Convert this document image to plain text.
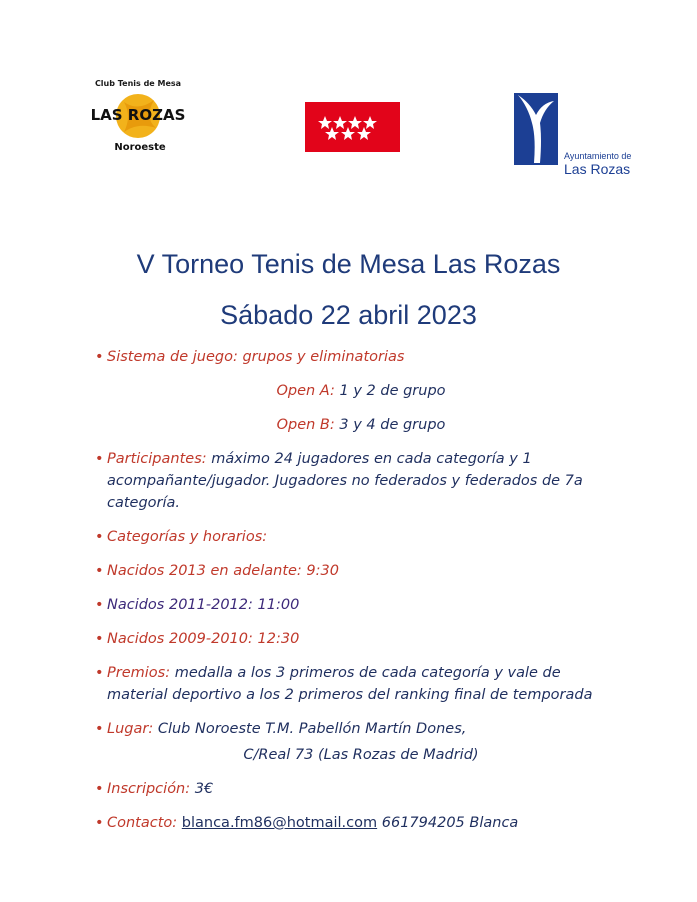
Club Tenis de Mesa
LAS ROZAS
Noroeste
Ayuntamiento de
Las Rozas
V Torneo Tenis de Mesa Las Rozas
Sábado 22 abril 2023
• Sistema de juego: grupos y eliminatorias
Open A: 1 y 2 de grupo
Open B: 3 y 4 de grupo
• Participantes: máximo 24 jugadores en cada categoría y 1 acompañante/jugador. Jugadores no federados y federados de 7a categoría.
• Categorías y horarios:
• Nacidos 2013 en adelante: 9:30
• Nacidos 2011-2012: 11:00
• Nacidos 2009-2010: 12:30
• Premios: medalla a los 3 primeros de cada categoría y vale de material deportivo a los 2 primeros del ranking final de temporada
• Lugar: Club Noroeste T.M. Pabellón Martín Dones,
C/Real 73 (Las Rozas de Madrid)
• Inscripción: 3€
• Contacto: blanca.fm86@hotmail.com 661794205 Blanca
